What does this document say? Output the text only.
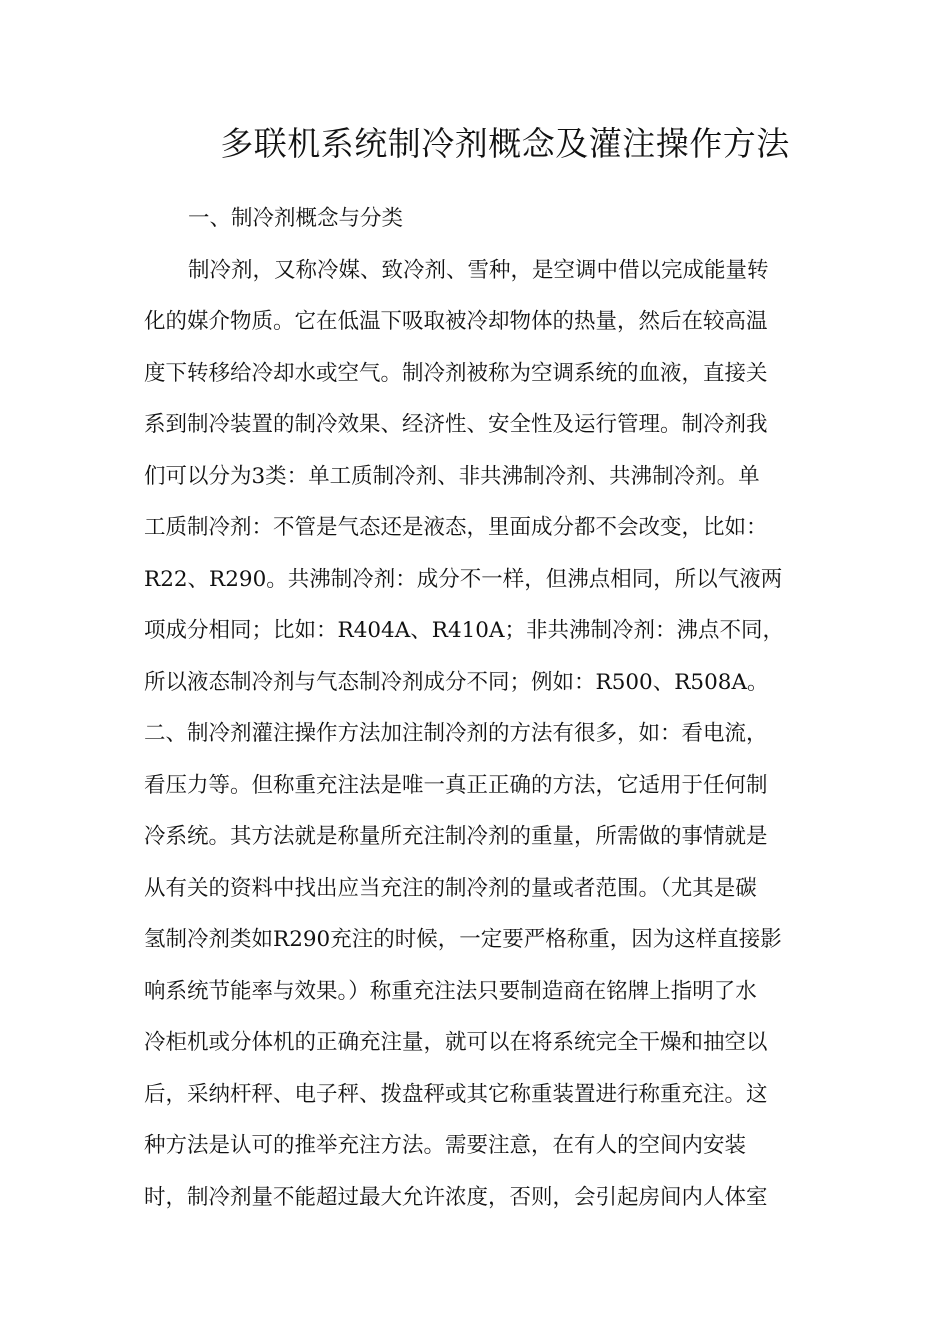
多联机系统制冷剂概念及灌注操作方法
一、制冷剂概念与分类
制冷剂，又称冷媒、致冷剂、雪种，是空调中借以完成能量转
化的媒介物质。它在低温下吸取被冷却物体的热量，然后在较高温
度下转移给冷却水或空气。制冷剂被称为空调系统的血液，直接关
系到制冷装置的制冷效果、经济性、安全性及运行管理。制冷剂我
们可以分为3类：单工质制冷剂、非共沸制冷剂、共沸制冷剂。单
工质制冷剂：不管是气态还是液态，里面成分都不会改变，比如：
R22、R290。共沸制冷剂：成分不一样，但沸点相同，所以气液两
项成分相同；比如：R404A、R410A；非共沸制冷剂：沸点不同，
所以液态制冷剂与气态制冷剂成分不同；例如：R500、R508A。
二、制冷剂灌注操作方法加注制冷剂的方法有很多，如：看电流，
看压力等。但称重充注法是唯一真正正确的方法，它适用于任何制
冷系统。其方法就是称量所充注制冷剂的重量，所需做的事情就是
从有关的资料中找出应当充注的制冷剂的量或者范围。（尤其是碳
氢制冷剂类如R290充注的时候，一定要严格称重，因为这样直接影
响系统节能率与效果。）称重充注法只要制造商在铭牌上指明了水
冷柜机或分体机的正确充注量，就可以在将系统完全干燥和抽空以
后，采纳杆秤、电子秤、拨盘秤或其它称重装置进行称重充注。这
种方法是认可的推举充注方法。需要注意，在有人的空间内安装
时，制冷剂量不能超过最大允许浓度，否则，会引起房间内人体室
